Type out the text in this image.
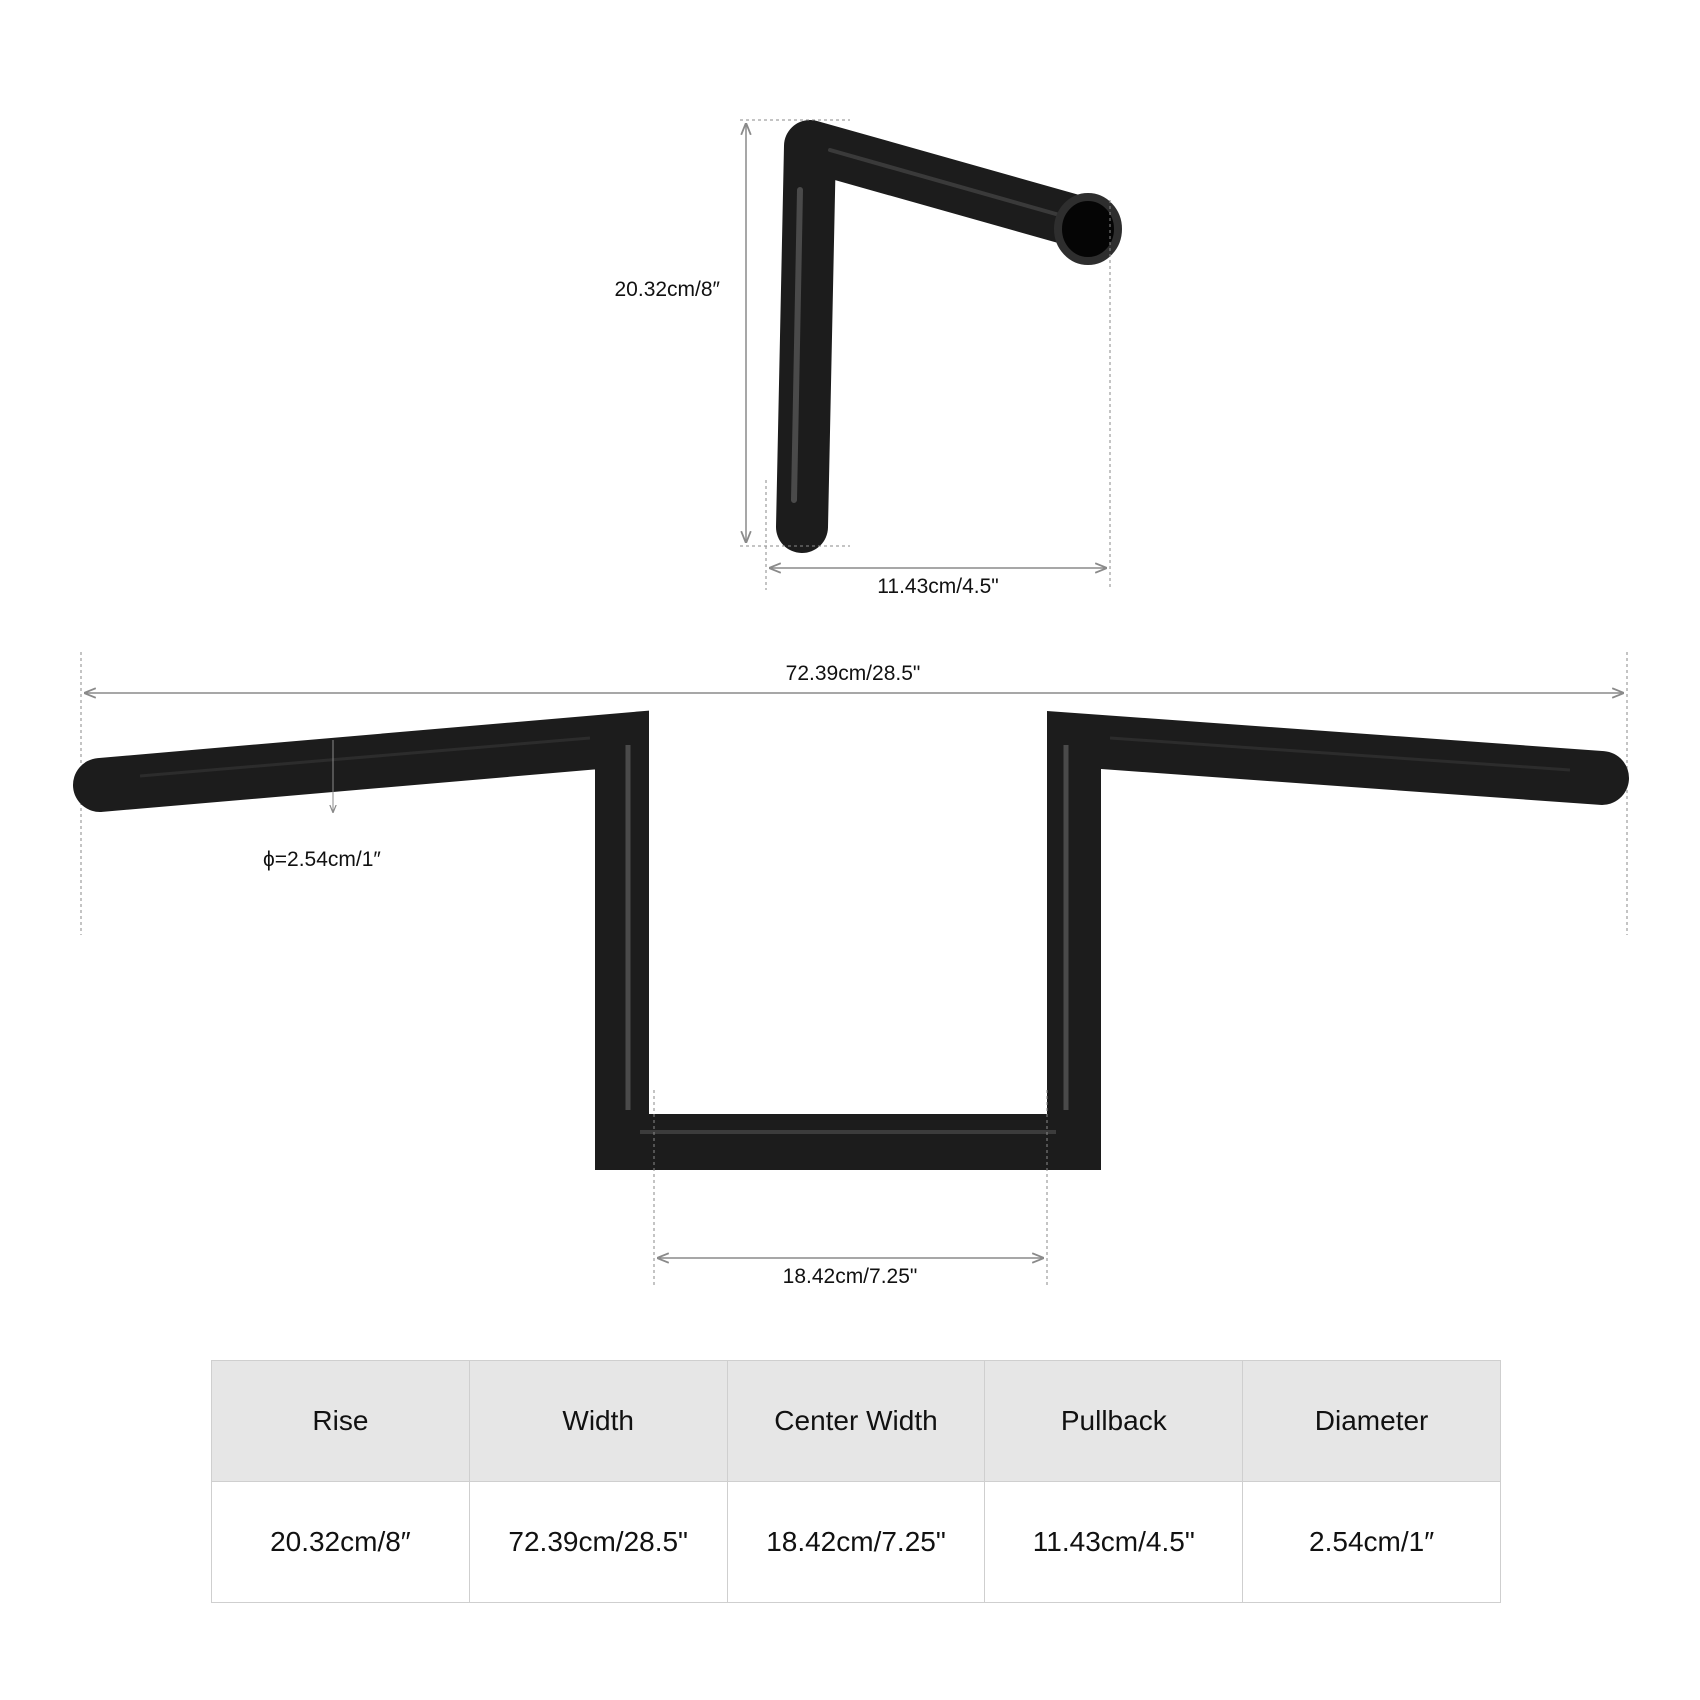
20.32cm/8″
11.43cm/4.5"
72.39cm/28.5"
ϕ=2.54cm/1″
18.42cm/7.25"
Rise	Width	Center Width	Pullback	Diameter
20.32cm/8″	72.39cm/28.5"	18.42cm/7.25"	11.43cm/4.5"	2.54cm/1″
